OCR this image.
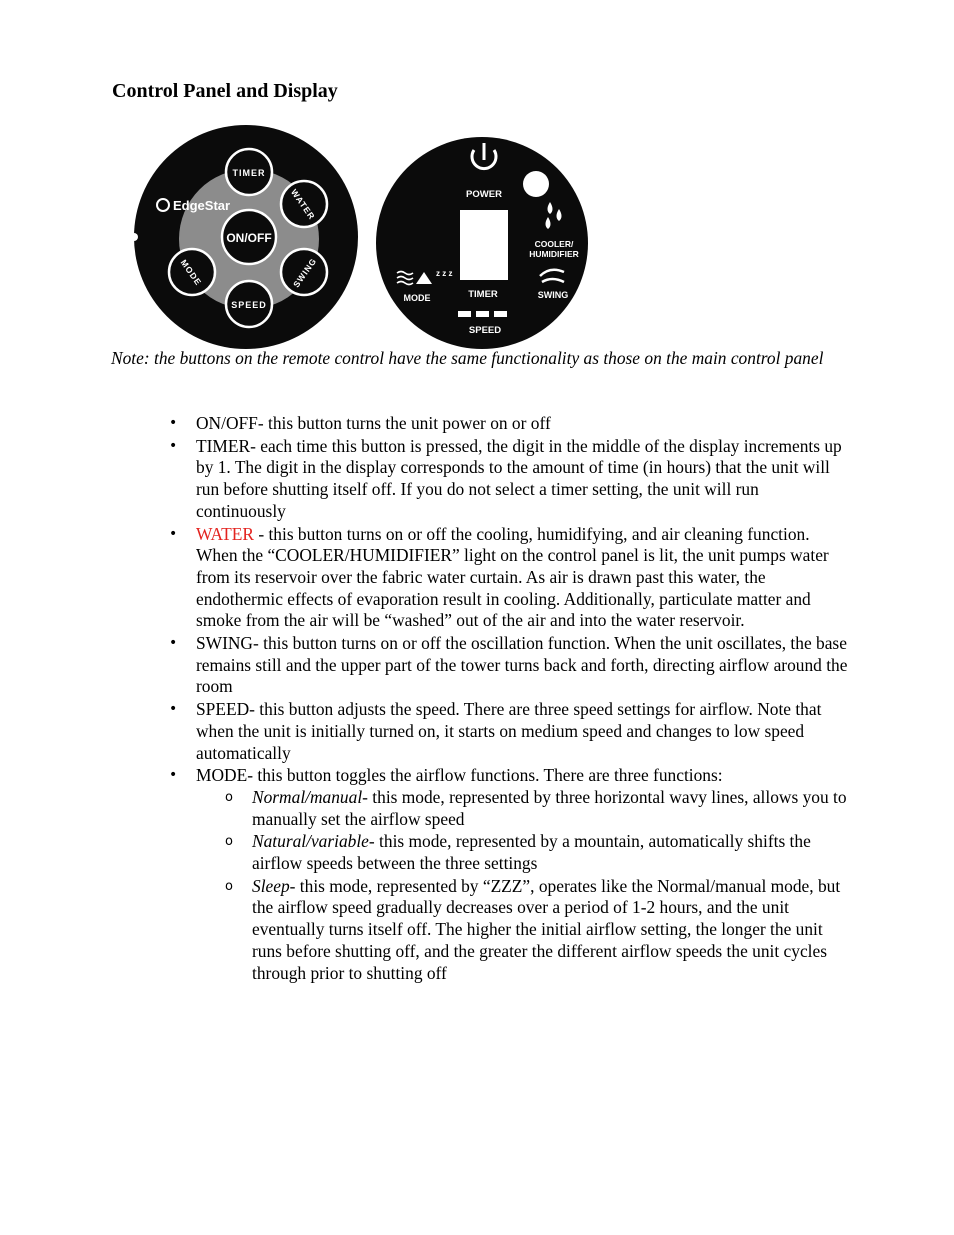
Control Panel and Display
EdgeStar
ON/OFF
TIMER
WATER
SWING
SPEED
MODE
POWER
COOLER/
HUMIDIFIER
SWING
z z z
MODE	TIMER
SPEED

Note: the buttons on the remote control have the same functionality as those on the main control panel

• ON/OFF- this button turns the unit power on or off
• TIMER- each time this button is pressed, the digit in the middle of the display increments up by 1. The digit in the display corresponds to the amount of time (in hours) that the unit will run before shutting itself off. If you do not select a timer setting, the unit will run continuously
• WATER - this button turns on or off the cooling, humidifying, and air cleaning function. When the “COOLER/HUMIDIFIER” light on the control panel is lit, the unit pumps water from its reservoir over the fabric water curtain. As air is drawn past this water, the endothermic effects of evaporation result in cooling. Additionally, particulate matter and smoke from the air will be “washed” out of the air and into the water reservoir.
• SWING- this button turns on or off the oscillation function. When the unit oscillates, the base remains still and the upper part of the tower turns back and forth, directing airflow around the room
• SPEED- this button adjusts the speed. There are three speed settings for airflow. Note that when the unit is initially turned on, it starts on medium speed and changes to low speed automatically
• MODE- this button toggles the airflow functions. There are three functions:
o Normal/manual- this mode, represented by three horizontal wavy lines, allows you to manually set the airflow speed
o Natural/variable- this mode, represented by a mountain, automatically shifts the airflow speeds between the three settings
o Sleep- this mode, represented by “ZZZ”, operates like the Normal/manual mode, but the airflow speed gradually decreases over a period of 1-2 hours, and the unit eventually turns itself off. The higher the initial airflow setting, the longer the unit runs before shutting off, and the greater the different airflow speeds the unit cycles through prior to shutting off
